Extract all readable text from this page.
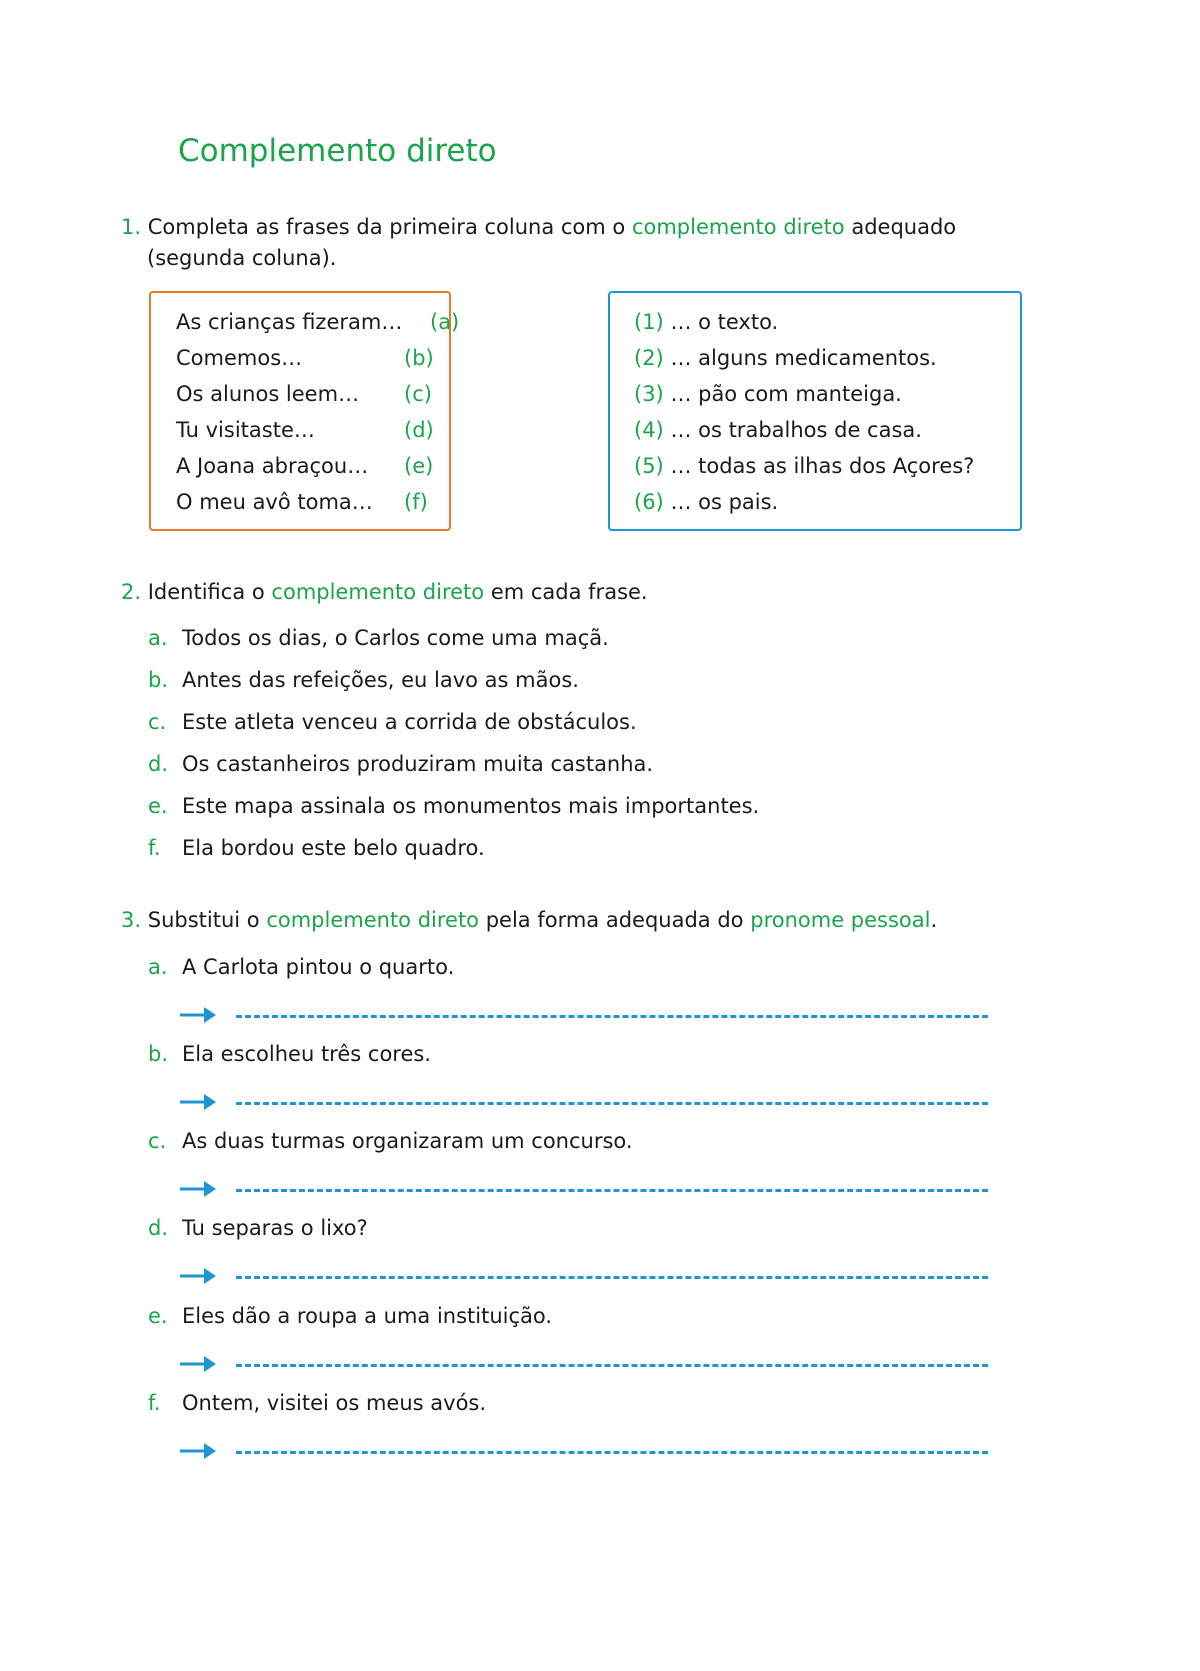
Complemento direto
1. Completa as frases da primeira coluna com o complemento direto adequado
(segunda coluna).
As crianças fizeram… (a)
Comemos…	(b)
Os alunos leem… (c)
Tu visitaste…	(d)
A Joana abraçou… (e)
O meu avô toma… (f)
(1) … o texto.
(2) … alguns medicamentos.
(3) … pão com manteiga.
(4) … os trabalhos de casa.
(5) … todas as ilhas dos Açores?
(6) … os pais.
2. Identifica o complemento direto em cada frase.
a. Todos os dias, o Carlos come uma maçã.
b. Antes das refeições, eu lavo as mãos.
c. Este atleta venceu a corrida de obstáculos.
d. Os castanheiros produziram muita castanha.
e. Este mapa assinala os monumentos mais importantes.
f. Ela bordou este belo quadro.
3. Substitui o complemento direto pela forma adequada do pronome pessoal.
a. A Carlota pintou o quarto.
b. Ela escolheu três cores.
c. As duas turmas organizaram um concurso.
d. Tu separas o lixo?
e. Eles dão a roupa a uma instituição.
f. Ontem, visitei os meus avós.
